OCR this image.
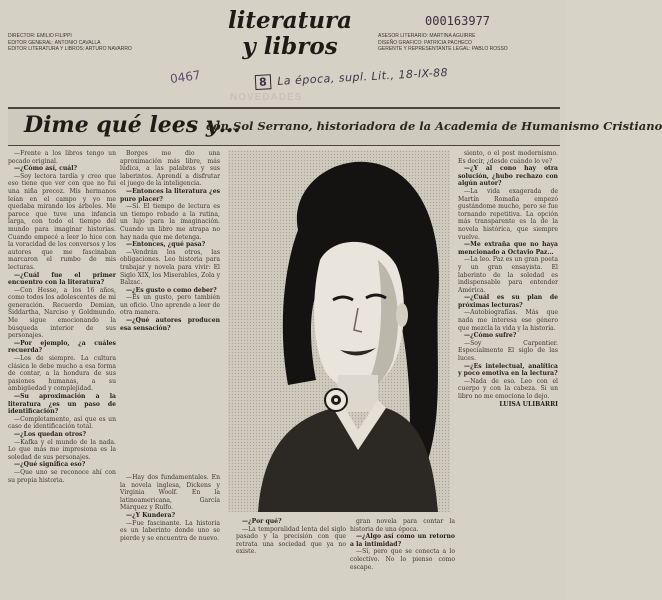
literatura
y libros
000163977
DIRECTOR: EMILIO FILIPPI
EDITOR GENERAL: ANTONIO CAVALLA
EDITOR LITERATURA Y LIBROS: ARTURO NAVARRO
ASESOR LITERARIO: MARTINA AGUIRRE
DISEÑO GRAFICO: PATRICIA PACHECO
GERENTE Y REPRESENTANTE LEGAL: PABLO ROSSO
0467	8 La época, supl. Lit., 18-IX-88
NOVEDADES
Dime qué lees y…
con Sol Serrano, historiadora de la Academia de Humanismo Cristiano

—Frente a los libros tengo un pecado original.

—¿Cómo así, cuál?

—Soy lectora tardía y creo que eso tiene que ver con que no fui una niña precoz. Mis hermanos leían en el campo y yo me quedaba mirando los árboles. Me parece que tuve una infancia larga, con todo el tiempo del mundo para imaginar historias. Cuando empecé a leer lo hice con la voracidad de los conversos y los autores que me fascinaban marcaron el rumbo de mis lecturas.

—¿Cuál fue el primer encuentro con la literatura?

—Con Hesse, a los 16 años, como todos los adolescentes de mi generación. Recuerdo Demian, Siddartha, Narciso y Goldmundo. Me sigue emocionando la búsqueda interior de sus personajes.

—Por ejemplo, ¿a cuáles recuerda?

—Los de siempre. La cultura clásica le debe mucho a esa forma de contar, a la hondura de sus pasiones humanas, a su ambigüedad y complejidad.

—Su aproximación a la literatura ¿es un paso de identificación?

—Completamente, así que es un caso de identificación total.

—¿Los quedan otros?

—Kafka y el mundo de la nada. Lo que más me impresiona es la soledad de sus personajes.

—¿Qué significa eso?

—Que uno se reconoce ahí con su propia historia.

Borges me dio una aproximación más libre, más lúdica, a las palabras y sus laberintos. Aprendí a disfrutar el juego de la inteligencia.

—Entonces la literatura ¿es puro placer?

—Sí. El tiempo de lectura es un tiempo robado a la rutina, un lujo para la imaginación. Cuando un libro me atrapa no hay nada que me detenga.

—Entonces, ¿qué pasa?

—Vendrán los otros, las obligaciones. Leo historia para trabajar y novela para vivir: El Siglo XIX, los Miserables, Zola y Balzac.

—¿Es gusto o como deber?

—Es un gusto, pero también un oficio. Uno aprende a leer de otra manera.

—¿Qué autores producen esa sensación?

—Hay dos fundamentales. En la novela inglesa, Dickens y Virginia Woolf. En la latinoamericana, García Márquez y Rulfo.

—¿Y Kundera?

—Fue fascinante. La historia es un laberinto donde uno se pierde y se encuentra de nuevo.

—¿Por qué?

—La temporalidad lenta del siglo pasado y la precisión con que retrata una sociedad que ya no existe.

gran novela para contar la historia de una época.

—¿Algo así como un retorno a la intimidad?

—Sí, pero que se conecta a lo colectivo. No lo pienso como escape.

siento, o el post modernismo. Es decir, ¿desde cuándo lo ve?

—¿Y al cono hay otra solución, ¿hubo rechazo con algún autor?

—La vida exagerada de Martín Romaña empezó gustándome mucho, pero se fue tornando repetitiva. La opción más transparente es la de la novela histórica, que siempre vuelve.

—Me extraña que no haya mencionado a Octavio Paz…

—La leo. Paz es un gran poeta y un gran ensayista. El laberinto de la soledad es indispensable para entender América.

—¿Cuál es su plan de próximas lecturas?

—Autobiografías. Más que nada me interesa ese género que mezcla la vida y la historia.

—¿Cómo sufre?

—Soy Carpentier. Especialmente El siglo de las luces.

—¿Es intelectual, analítica y poco emotiva en la lectura?

—Nada de eso. Leo con el cuerpo y con la cabeza. Si un libro no me emociona lo dejo.

LUISA ULIBARRI
